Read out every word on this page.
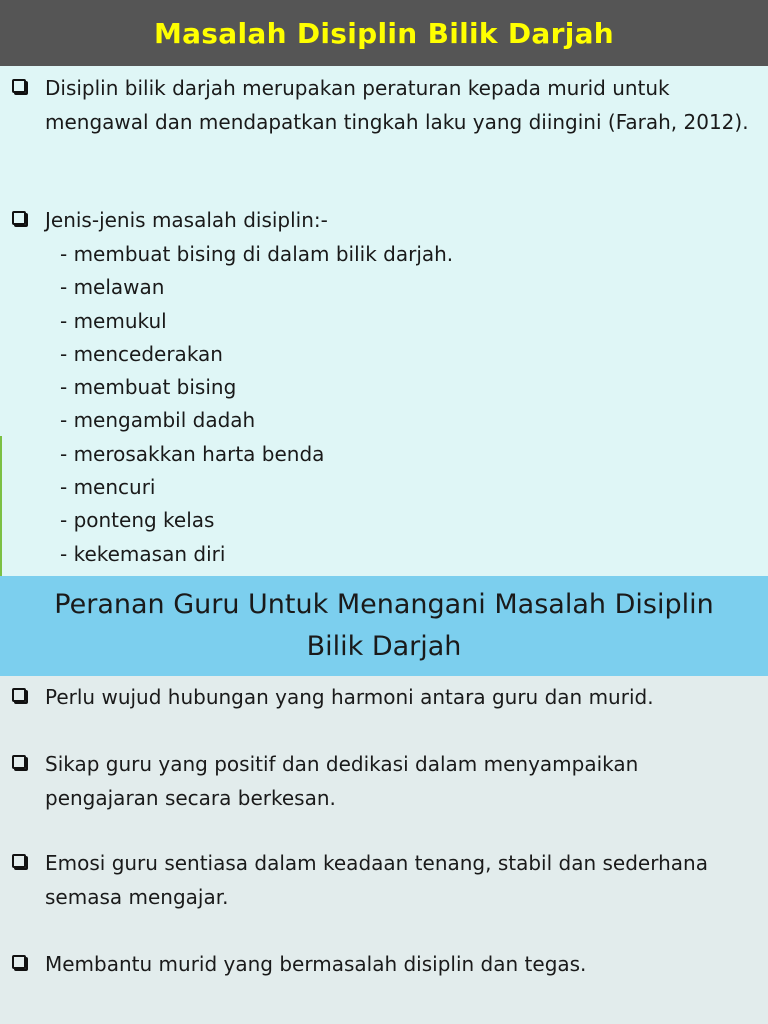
Masalah Disiplin Bilik Darjah
Disiplin bilik darjah merupakan peraturan kepada murid untuk mengawal dan mendapatkan tingkah laku yang diingini (Farah, 2012).
Jenis-jenis masalah disiplin:-
- membuat bising di dalam bilik darjah.
- melawan
- memukul
- mencederakan
- membuat bising
- mengambil dadah
- merosakkan harta benda
- mencuri
- ponteng kelas
- kekemasan diri
Peranan Guru Untuk Menangani Masalah Disiplin
Bilik Darjah
Perlu wujud hubungan yang harmoni antara guru dan murid.
Sikap guru yang positif dan dedikasi dalam menyampaikan pengajaran secara berkesan.
Emosi guru sentiasa dalam keadaan tenang, stabil dan sederhana semasa mengajar.
Membantu murid yang bermasalah disiplin dan tegas.
